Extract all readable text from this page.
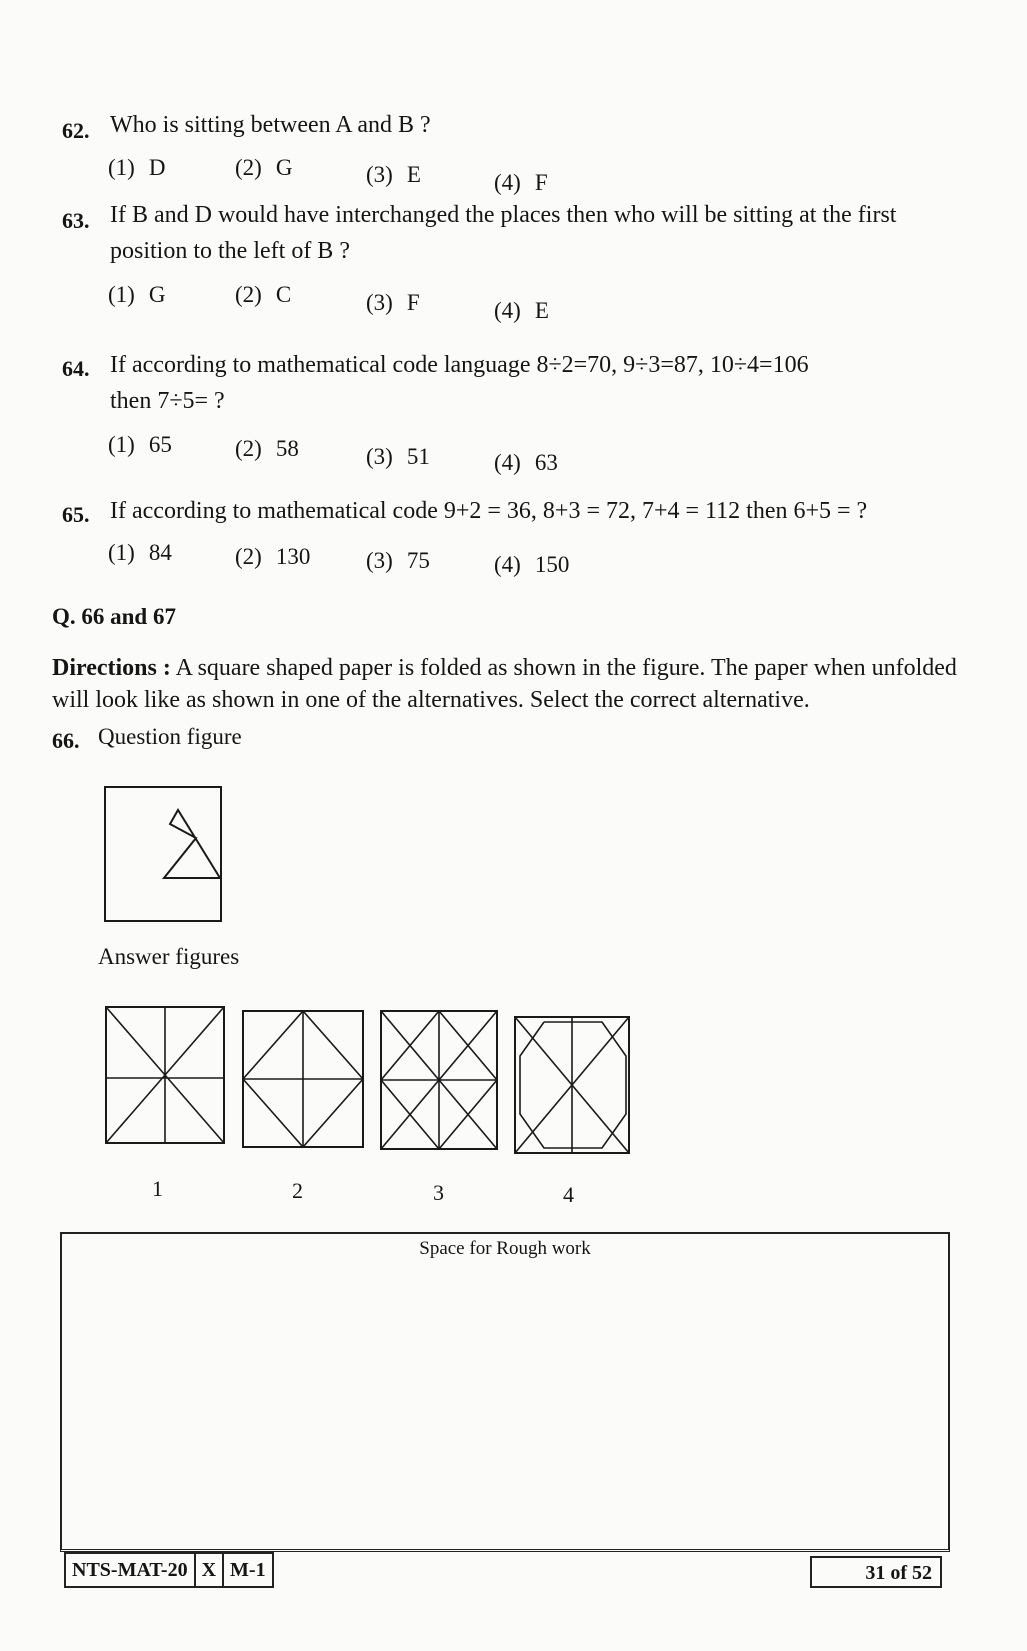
62. Who is sitting between A and B ?
(1) D	(2) G	(3) E	(4) F
63. If B and D would have interchanged the places then who will be sitting at the first
position to the left of B ?
(1) G	(2) C	(3) F	(4) E
64. If according to mathematical code language 8÷2=70, 9÷3=87, 10÷4=106
then 7÷5= ?
(1) 65	(2) 58	(3) 51	(4) 63
65. If according to mathematical code 9+2 = 36, 8+3 = 72, 7+4 = 112 then 6+5 = ?
(1) 84	(2) 130 (3) 75	(4) 150
Q. 66 and 67
Directions : A square shaped paper is folded as shown in the figure. The paper when unfolded will look like as shown in one of the alternatives. Select the correct alternative.
66. Question figure
Answer figures
1	2	3	4
Space for Rough work
NTS-MAT-20 X M-1	31 of 52
